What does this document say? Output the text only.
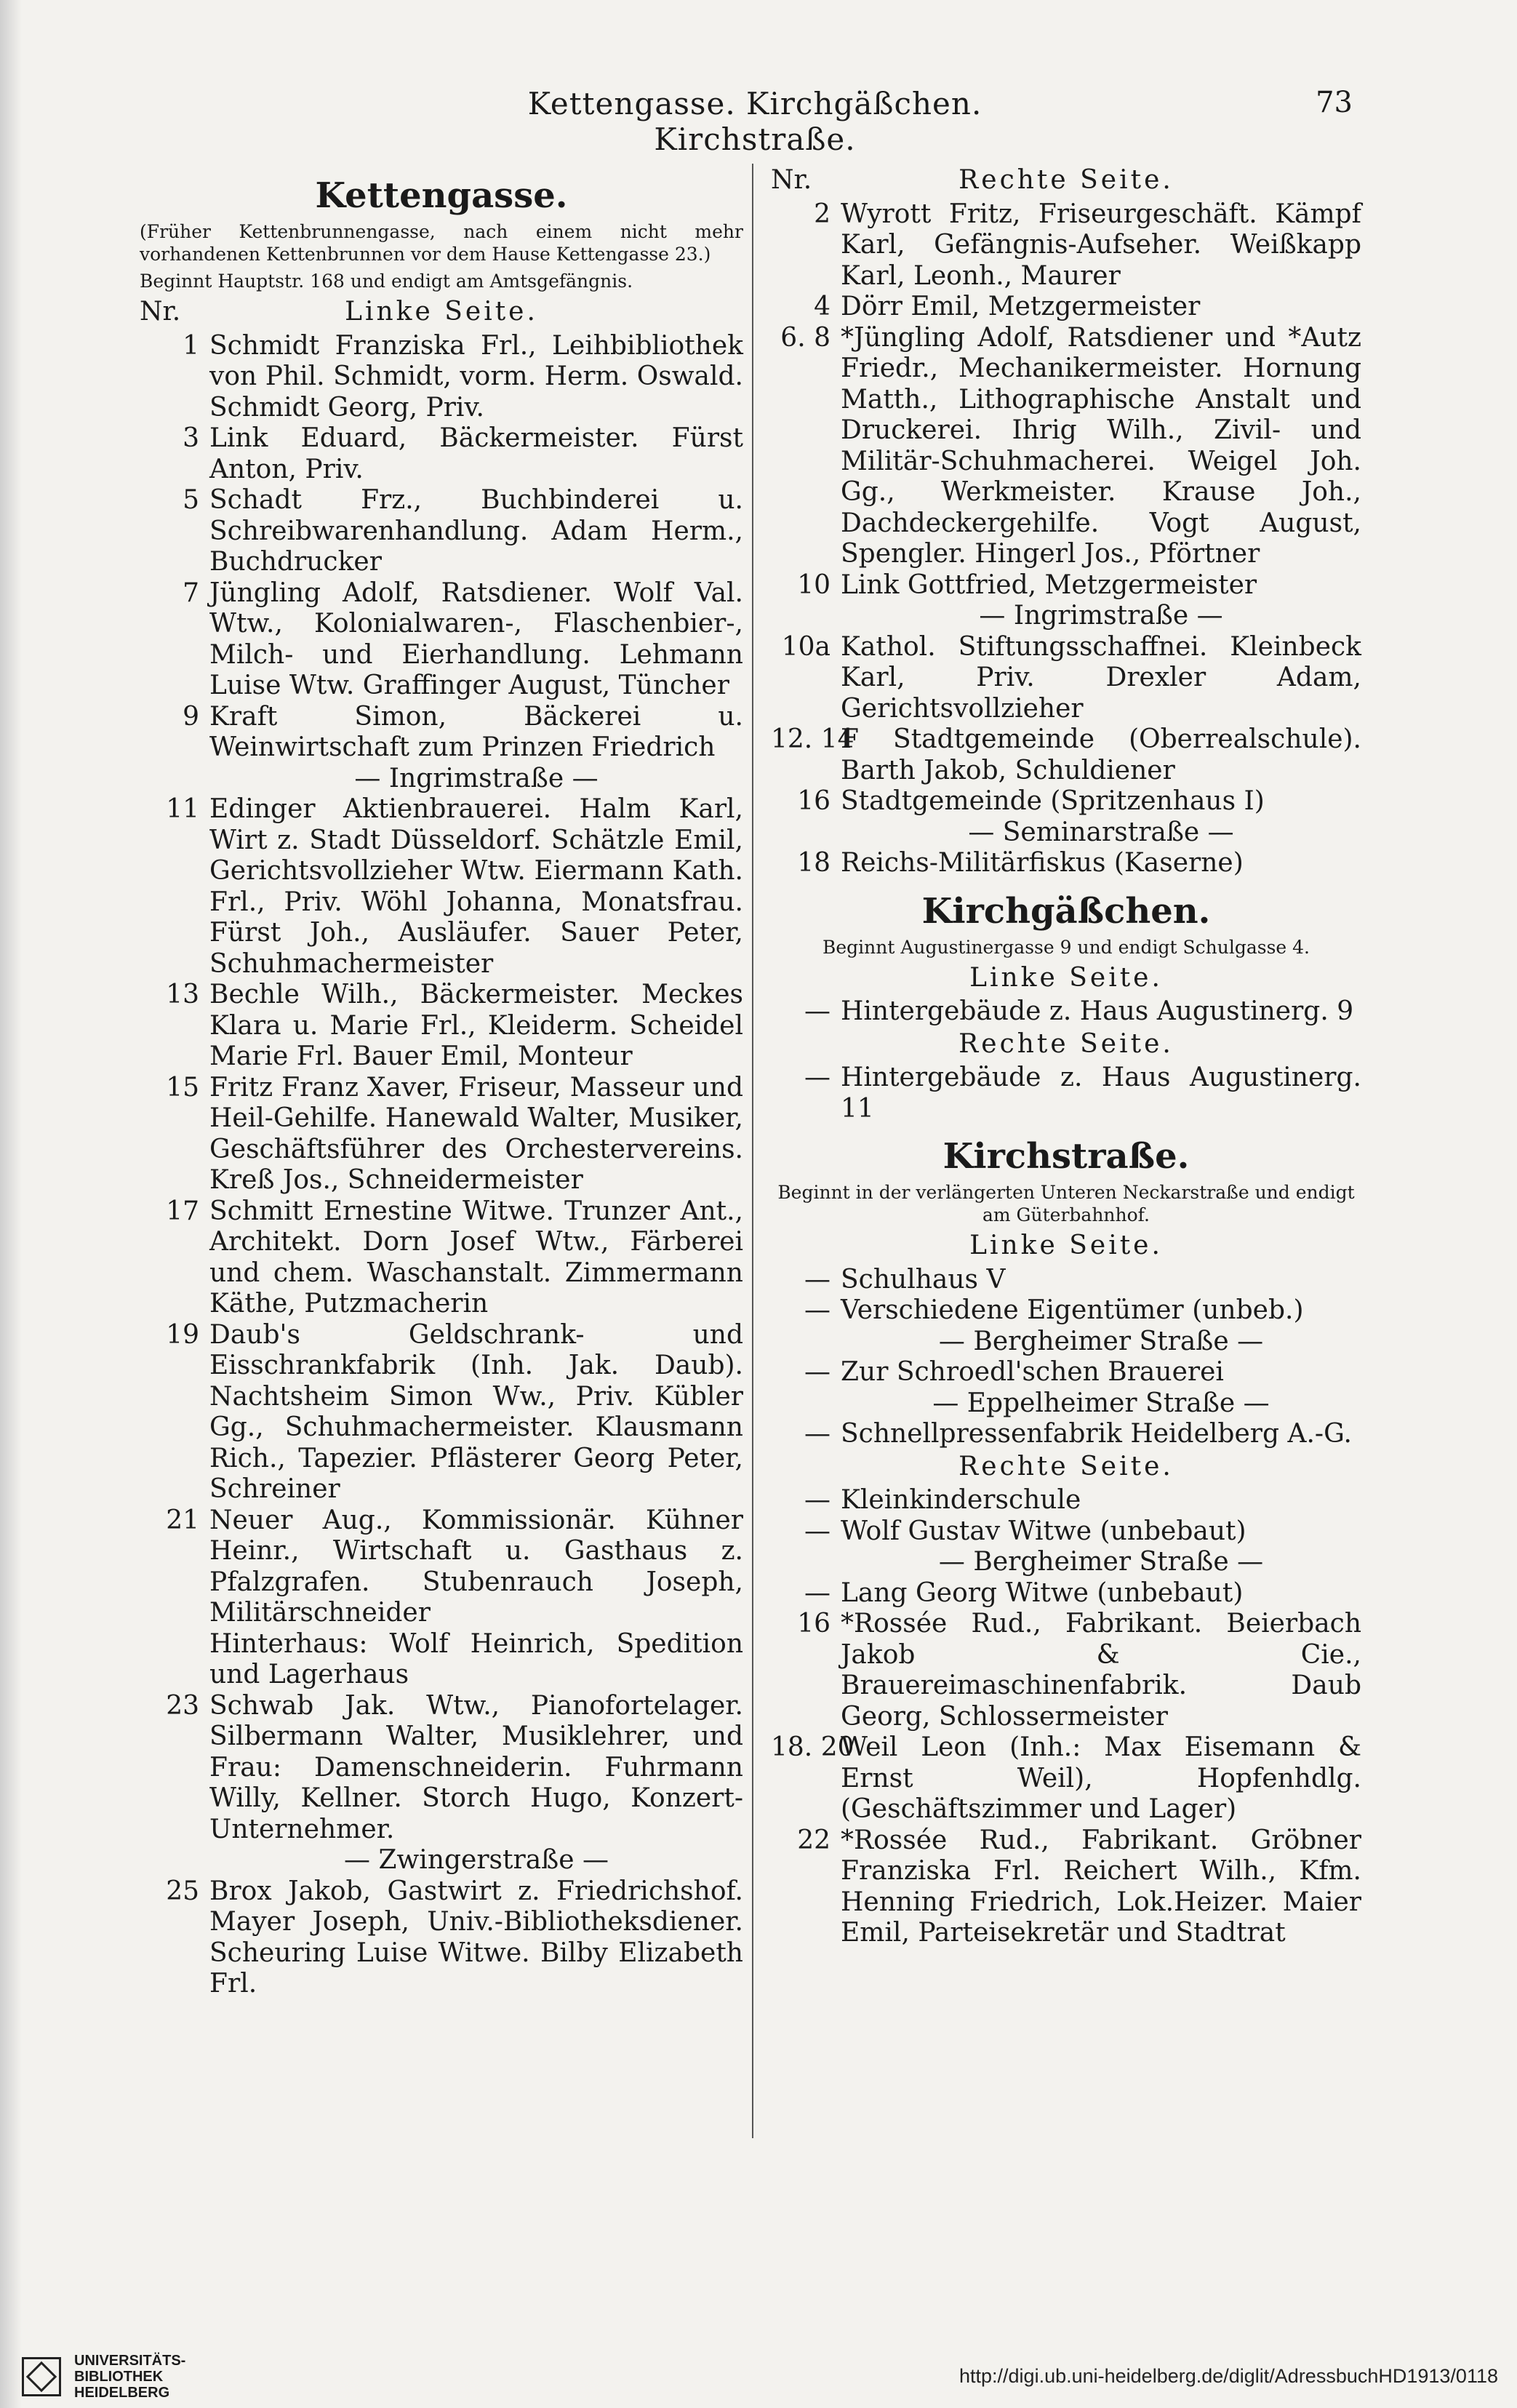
Kettengasse. Kirchgäßchen. Kirchstraße.
73
Kettengasse.
(Früher Kettenbrunnengasse, nach einem nicht mehr vorhandenen Kettenbrunnen vor dem Hause Kettengasse 23.)
Beginnt Hauptstr. 168 und endigt am Amtsgefängnis.
Nr.	Linke Seite.
1 Schmidt Franziska Frl., Leihbibliothek von Phil. Schmidt, vorm. Herm. Oswald. Schmidt Georg, Priv.
3 Link Eduard, Bäckermeister. Fürst Anton, Priv.
5 Schadt Frz., Buchbinderei u. Schreibwarenhandlung. Adam Herm., Buchdrucker
7 Jüngling Adolf, Ratsdiener. Wolf Val. Wtw., Kolonialwaren-, Flaschenbier-, Milch- und Eierhandlung. Lehmann Luise Wtw. Graffinger August, Tüncher
9 Kraft Simon, Bäckerei u. Weinwirtschaft zum Prinzen Friedrich
— Ingrimstraße —
11 Edinger Aktienbrauerei. Halm Karl, Wirt z. Stadt Düsseldorf. Schätzle Emil, Gerichtsvollzieher Wtw. Eiermann Kath. Frl., Priv. Wöhl Johanna, Monatsfrau. Fürst Joh., Ausläufer. Sauer Peter, Schuhmachermeister
13 Bechle Wilh., Bäckermeister. Meckes Klara u. Marie Frl., Kleiderm. Scheidel Marie Frl. Bauer Emil, Monteur
15 Fritz Franz Xaver, Friseur, Masseur und Heil-Gehilfe. Hanewald Walter, Musiker, Geschäftsführer des Orchestervereins. Kreß Jos., Schneidermeister
17 Schmitt Ernestine Witwe. Trunzer Ant., Architekt. Dorn Josef Wtw., Färberei und chem. Waschanstalt. Zimmermann Käthe, Putzmacherin
19 Daub's Geldschrank- und Eisschrankfabrik (Inh. Jak. Daub). Nachtsheim Simon Ww., Priv. Kübler Gg., Schuhmachermeister. Klausmann Rich., Tapezier. Pflästerer Georg Peter, Schreiner
21 Neuer Aug., Kommissionär. Kühner Heinr., Wirtschaft u. Gasthaus z. Pfalzgrafen. Stubenrauch Joseph, Militärschneider
Hinterhaus: Wolf Heinrich, Spedition und Lagerhaus
23 Schwab Jak. Wtw., Pianofortelager. Silbermann Walter, Musiklehrer, und Frau: Damenschneiderin. Fuhrmann Willy, Kellner. Storch Hugo, Konzert-Unternehmer.
— Zwingerstraße —
25 Brox Jakob, Gastwirt z. Friedrichshof. Mayer Joseph, Univ.-Bibliotheksdiener. Scheuring Luise Witwe. Bilby Elizabeth Frl.
Nr.	Rechte Seite.
2 Wyrott Fritz, Friseurgeschäft. Kämpf Karl, Gefängnis-Aufseher. Weißkapp Karl, Leonh., Maurer
4 Dörr Emil, Metzgermeister
6. 8 *Jüngling Adolf, Ratsdiener und *Autz Friedr., Mechanikermeister. Hornung Matth., Lithographische Anstalt und Druckerei. Ihrig Wilh., Zivil- und Militär-Schuhmacherei. Weigel Joh. Gg., Werkmeister. Krause Joh., Dachdeckergehilfe. Vogt August, Spengler. Hingerl Jos., Pförtner
10 Link Gottfried, Metzgermeister
— Ingrimstraße —
10a Kathol. Stiftungsschaffnei. Kleinbeck Karl, Priv. Drexler Adam, Gerichtsvollzieher
12. 14
F Stadtgemeinde (Oberrealschule). Barth Jakob, Schuldiener
16 Stadtgemeinde (Spritzenhaus I)
— Seminarstraße —
18 Reichs-Militärfiskus (Kaserne)
Kirchgäßchen.
Beginnt Augustinergasse 9 und endigt Schulgasse 4.
Linke Seite.
— Hintergebäude z. Haus Augustinerg. 9
Rechte Seite.
— Hintergebäude z. Haus Augustinerg. 11
Kirchstraße.
Beginnt in der verlängerten Unteren Neckarstraße und endigt am Güterbahnhof.
Linke Seite.
— Schulhaus V
— Verschiedene Eigentümer (unbeb.)
— Bergheimer Straße —
— Zur Schroedl'schen Brauerei
— Eppelheimer Straße —
— Schnellpressenfabrik Heidelberg A.-G.
Rechte Seite.
— Kleinkinderschule
— Wolf Gustav Witwe (unbebaut)
— Bergheimer Straße —
— Lang Georg Witwe (unbebaut)
16 *Rossée Rud., Fabrikant. Beierbach Jakob & Cie., Brauereimaschinenfabrik. Daub Georg, Schlossermeister
18. 20
Weil Leon (Inh.: Max Eisemann & Ernst Weil), Hopfenhdlg. (Geschäftszimmer und Lager)
22 *Rossée Rud., Fabrikant. Gröbner Franziska Frl. Reichert Wilh., Kfm. Henning Friedrich, Lok.Heizer. Maier Emil, Parteisekretär und Stadtrat
UNIVERSITÄTS-
BIBLIOTHEK
HEIDELBERG
http://digi.ub.uni-heidelberg.de/diglit/AdressbuchHD1913/0118
